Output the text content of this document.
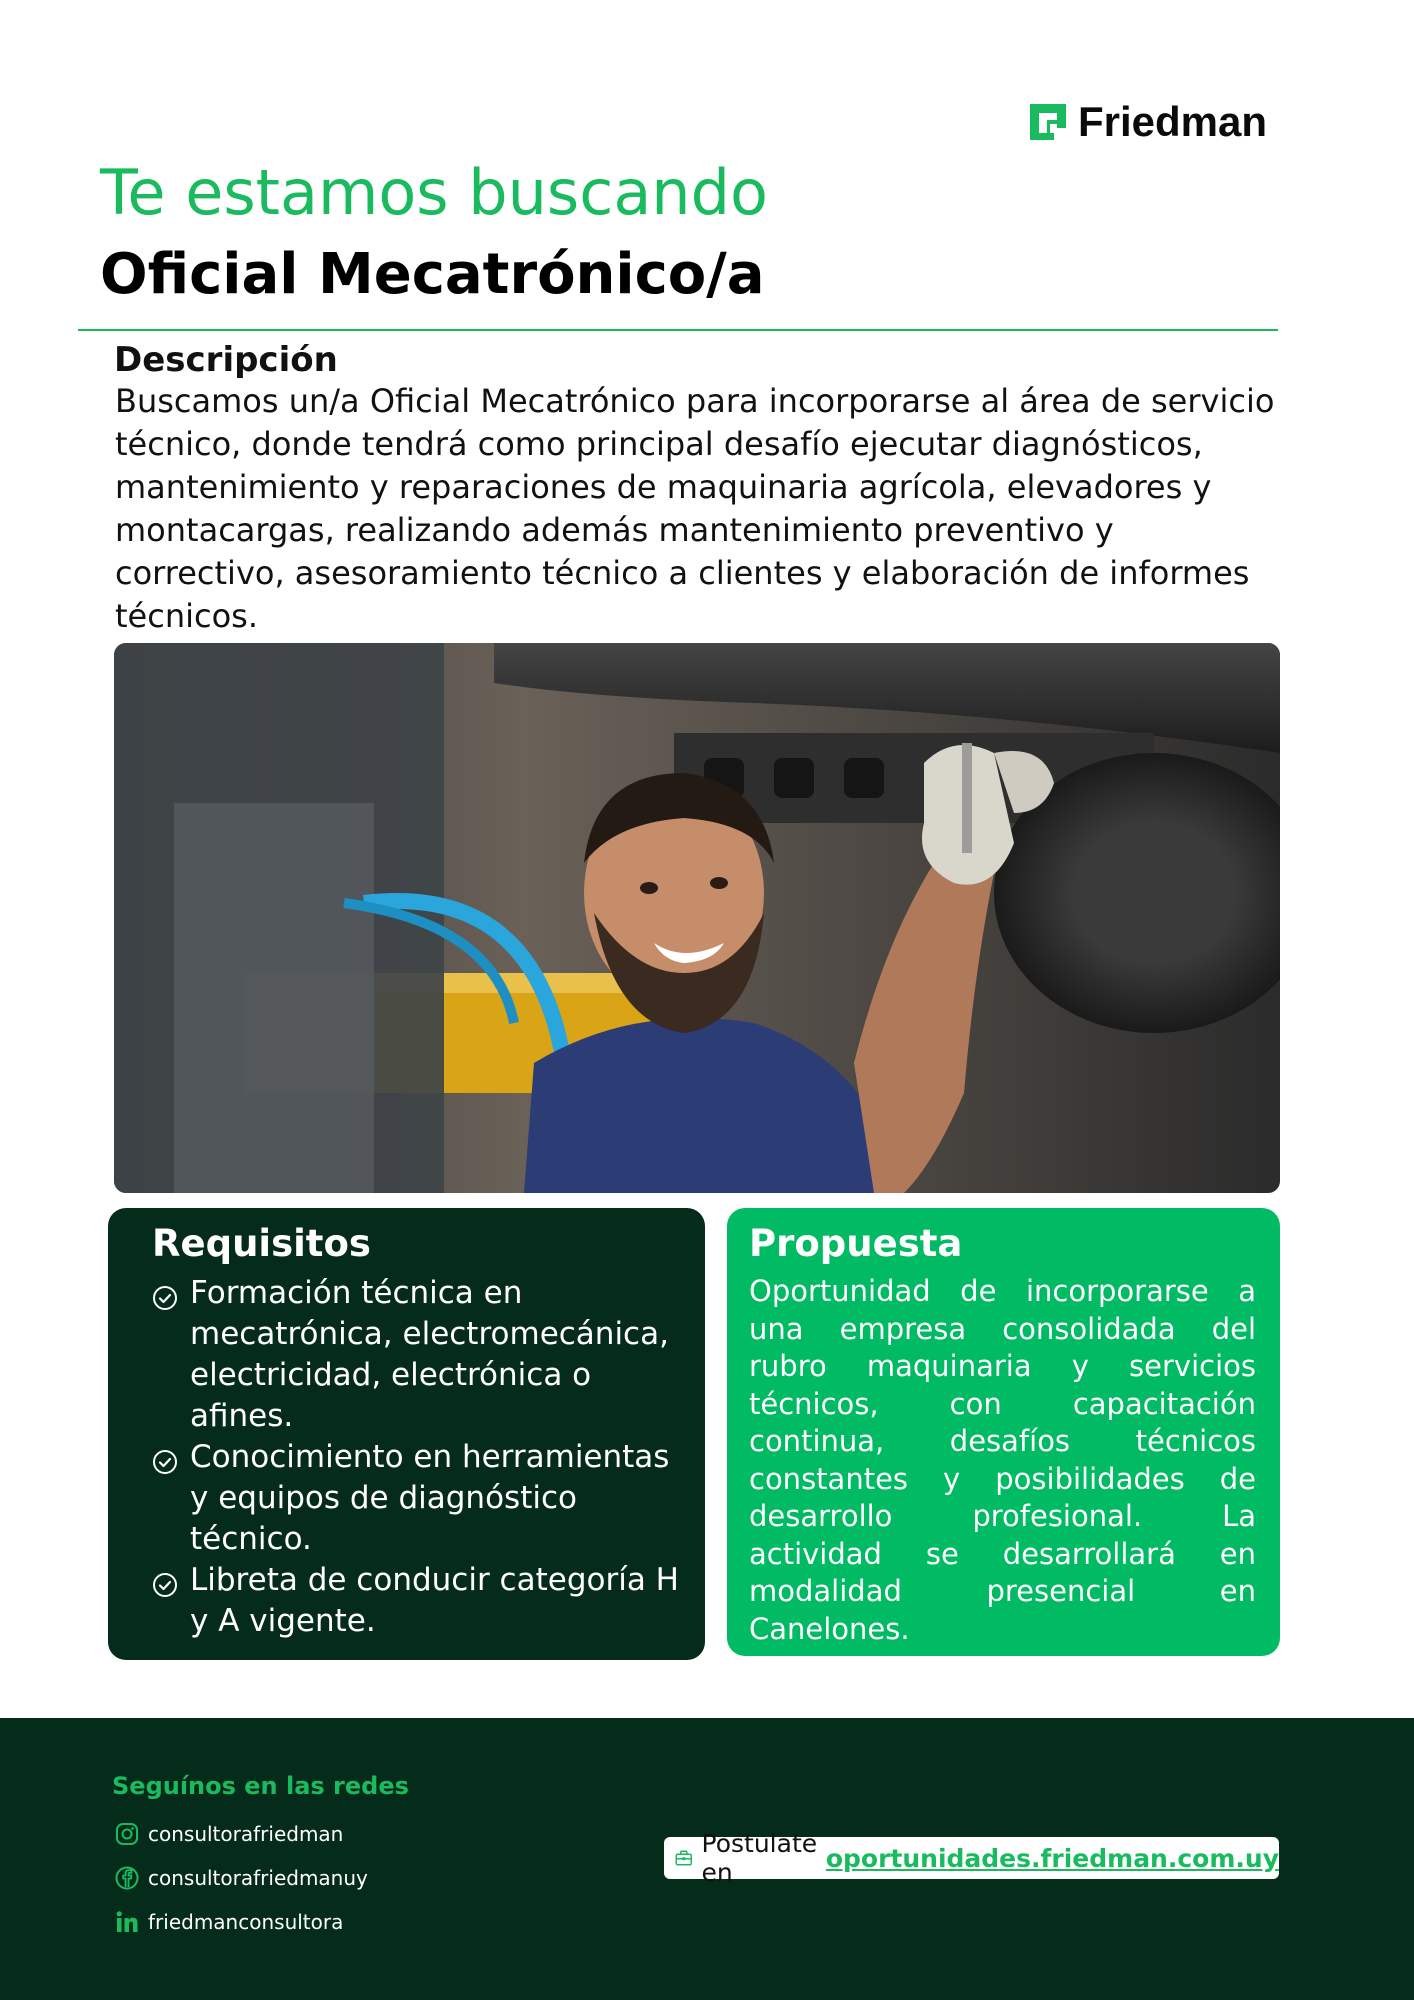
Friedman
Te estamos buscando
Oficial Mecatrónico/a
Descripción
Buscamos un/a Oficial Mecatrónico para incorporarse al área de servicio técnico, donde tendrá como principal desafío ejecutar diagnósticos, mantenimiento y reparaciones de maquinaria agrícola, elevadores y montacargas, realizando además mantenimiento preventivo y correctivo, asesoramiento técnico a clientes y elaboración de informes técnicos.
Requisitos
Formación técnica en mecatrónica, electromecánica, electricidad, electrónica o afines.
Conocimiento en herramientas y equipos de diagnóstico técnico.
Libreta de conducir categoría H y A vigente.
Propuesta

Oportunidad de incorporarse a una empresa consolidada del rubro maquinaria y servicios técnicos, con capacitación continua, desafíos técnicos constantes y posibilidades de desarrollo profesional. La actividad se desarrollará en modalidad presencial en Canelones.

Seguínos en las redes
consultorafriedman
consultorafriedmanuy
friedmanconsultora
Postulate en	oportunidades.friedman.com.uy
